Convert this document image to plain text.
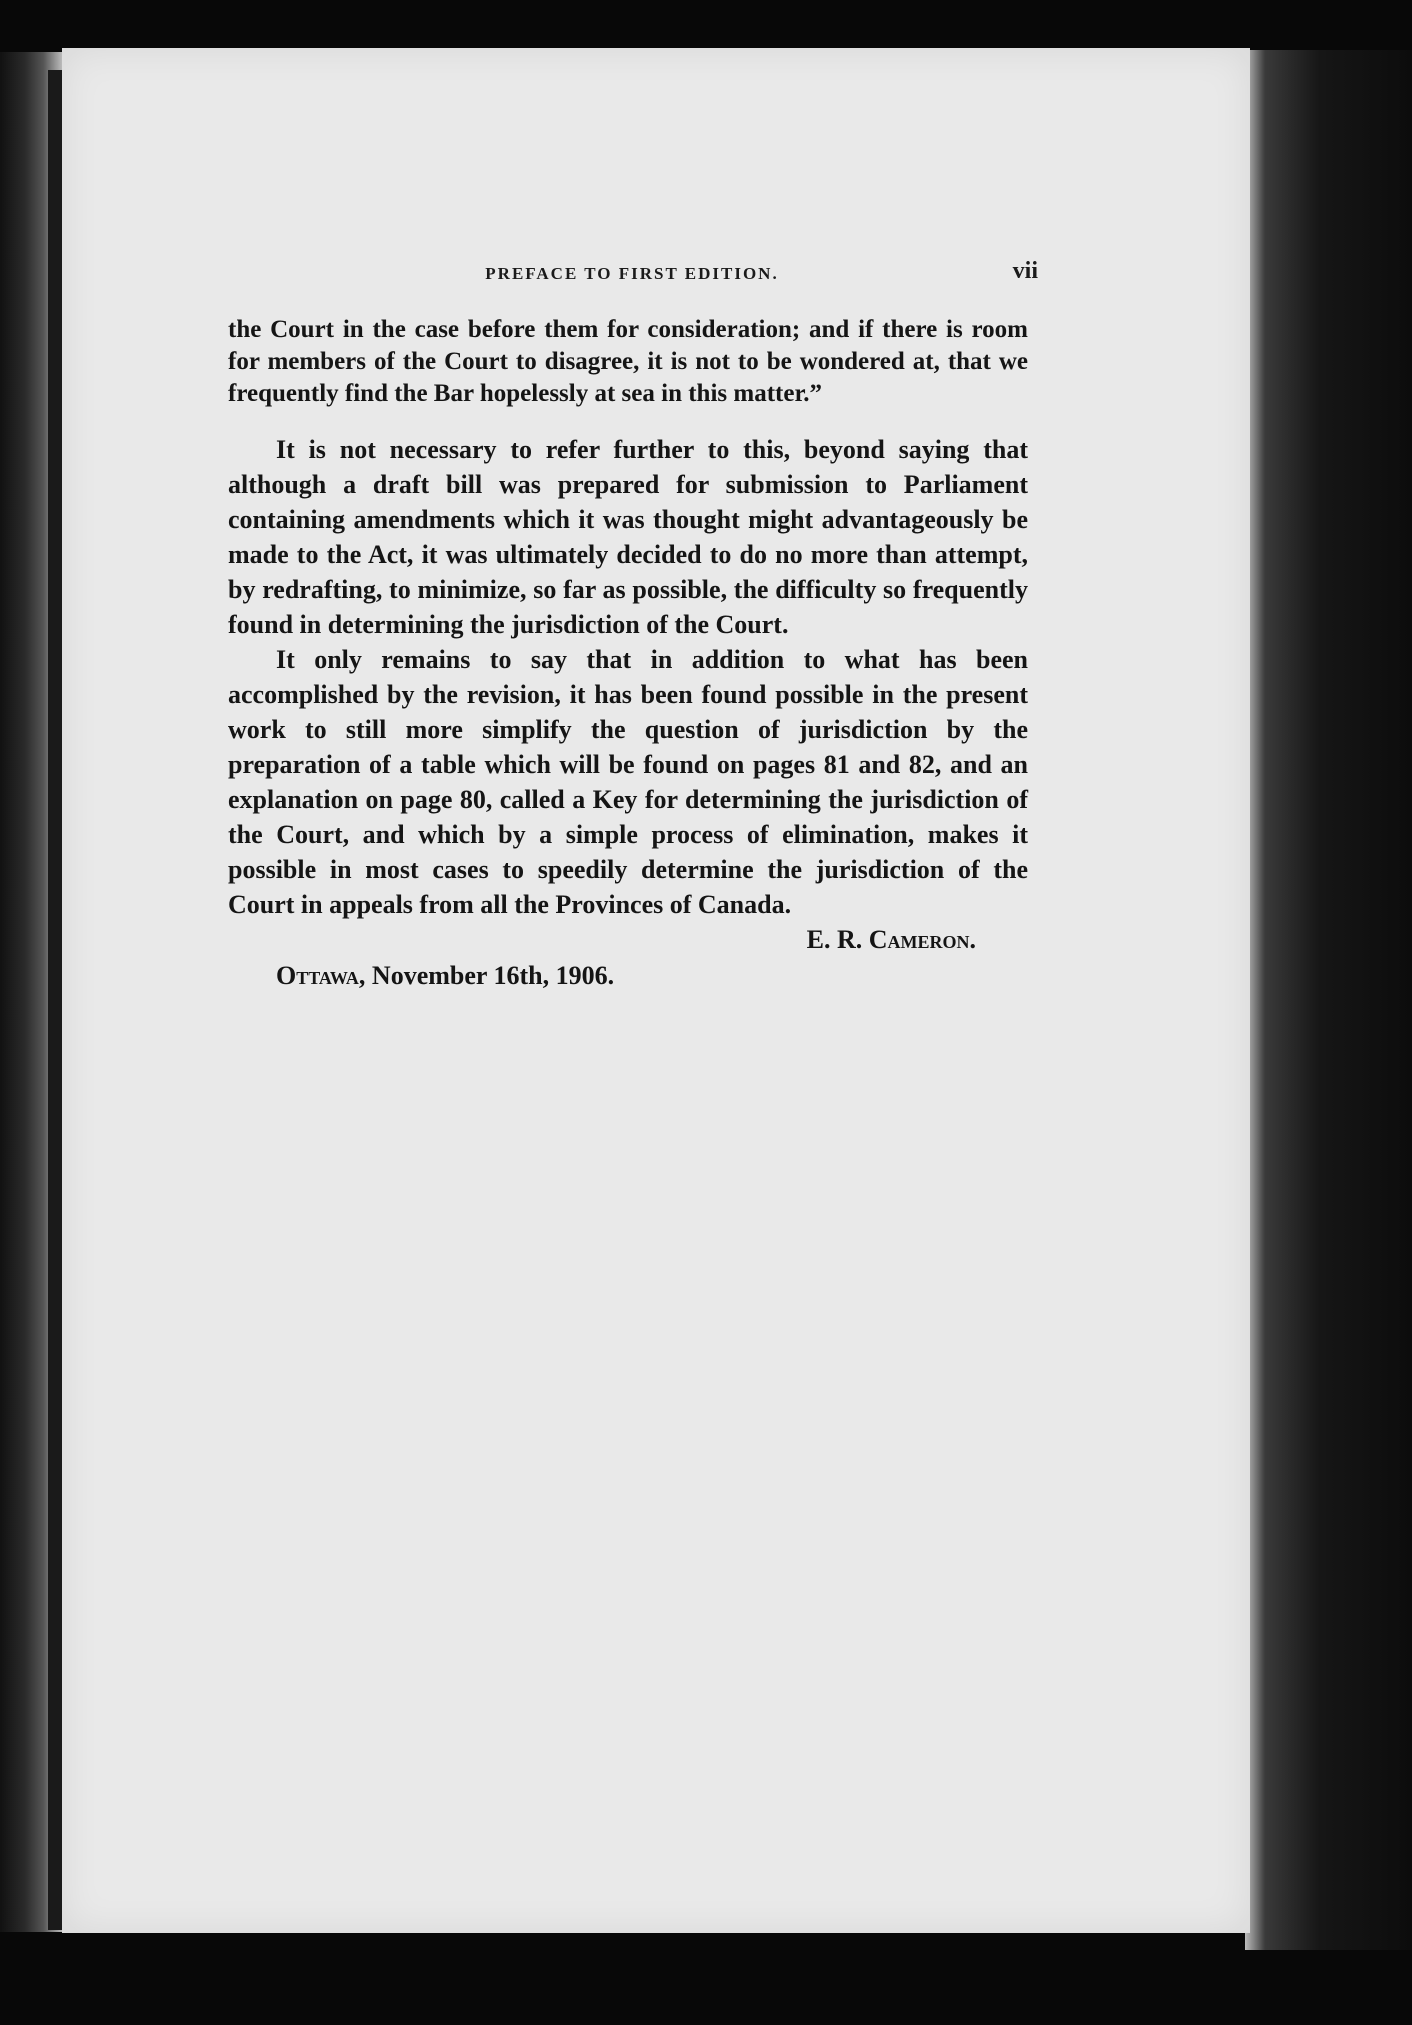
PREFACE TO FIRST EDITION.	vii

the Court in the case before them for consideration; and if there is room for members of the Court to disagree, it is not to be wondered at, that we frequently find the Bar hopelessly at sea in this matter.”

It is not necessary to refer further to this, beyond saying that although a draft bill was prepared for submission to Parliament containing amendments which it was thought might advantageously be made to the Act, it was ultimately decided to do no more than attempt, by redrafting, to minimize, so far as possible, the difficulty so frequently found in determining the jurisdiction of the Court.

It only remains to say that in addition to what has been accomplished by the revision, it has been found possible in the present work to still more simplify the question of jurisdiction by the preparation of a table which will be found on pages 81 and 82, and an explanation on page 80, called a Key for determining the jurisdiction of the Court, and which by a simple process of elimination, makes it possible in most cases to speedily determine the jurisdiction of the Court in appeals from all the Provinces of Canada.

E. R. Cameron.
Ottawa, November 16th, 1906.
